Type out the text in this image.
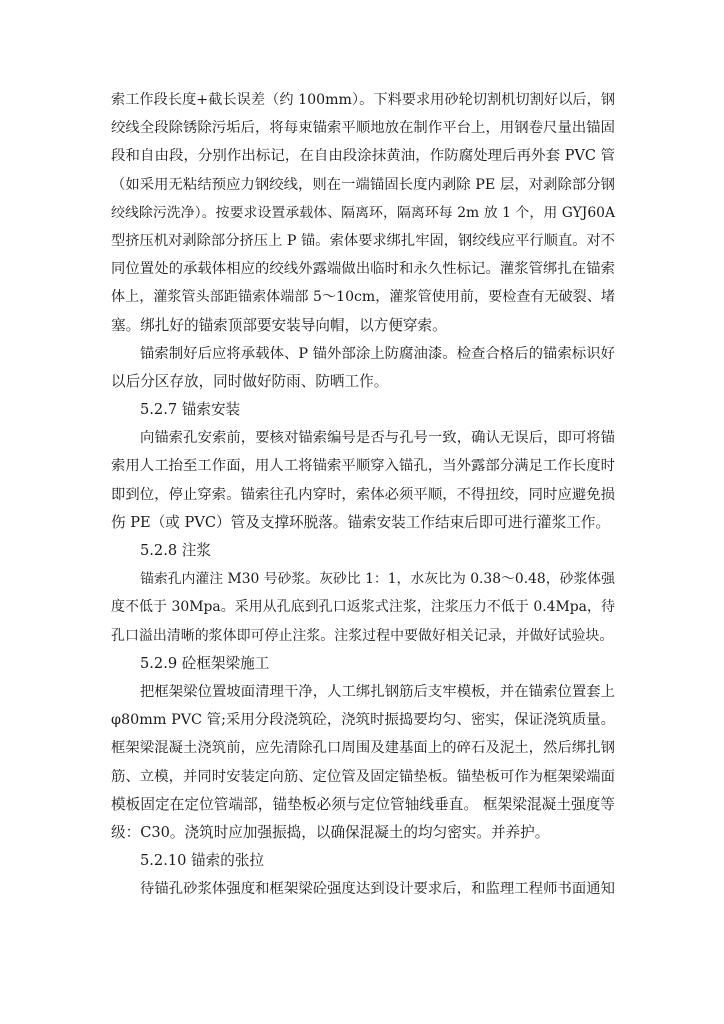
索工作段长度+截长误差（约 100mm）。下料要求用砂轮切割机切割好以后，钢
绞线全段除锈除污垢后，将每束锚索平顺地放在制作平台上，用钢卷尺量出锚固
段和自由段，分别作出标记，在自由段涂抹黄油，作防腐处理后再外套 PVC 管
（如采用无粘结预应力钢绞线，则在一端锚固长度内剥除 PE 层，对剥除部分钢
绞线除污洗净）。按要求设置承载体、隔离环，隔离环每 2m 放 1 个，用 GYJ60A
型挤压机对剥除部分挤压上 P 锚。索体要求绑扎牢固，钢绞线应平行顺直。对不
同位置处的承载体相应的绞线外露端做出临时和永久性标记。灌浆管绑扎在锚索
体上，灌浆管头部距锚索体端部 5～10cm，灌浆管使用前，要检查有无破裂、堵
塞。绑扎好的锚索顶部要安装导向帽，以方便穿索。
锚索制好后应将承载体、P 锚外部涂上防腐油漆。检查合格后的锚索标识好
以后分区存放，同时做好防雨、防晒工作。
5.2.7 锚索安装
向锚索孔安索前，要核对锚索编号是否与孔号一致，确认无误后，即可将锚
索用人工抬至工作面，用人工将锚索平顺穿入锚孔，当外露部分满足工作长度时
即到位，停止穿索。锚索往孔内穿时，索体必须平顺，不得扭绞，同时应避免损
伤 PE（或 PVC）管及支撑环脱落。锚索安装工作结束后即可进行灌浆工作。
5.2.8 注浆
锚索孔内灌注 M30 号砂浆。灰砂比 1：1，水灰比为 0.38～0.48，砂浆体强
度不低于 30Mpa。采用从孔底到孔口返浆式注浆，注浆压力不低于 0.4Mpa，待
孔口溢出清晰的浆体即可停止注浆。注浆过程中要做好相关记录，并做好试验块。
5.2.9 砼框架梁施工
把框架梁位置坡面清理干净，人工绑扎钢筋后支牢模板，并在锚索位置套上
φ80mm PVC 管;采用分段浇筑砼，浇筑时振捣要均匀、密实，保证浇筑质量。
框架梁混凝土浇筑前，应先清除孔口周围及建基面上的碎石及泥土，然后绑扎钢
筋、立模，并同时安装定向筋、定位管及固定锚垫板。锚垫板可作为框架梁端面
模板固定在定位管端部，锚垫板必须与定位管轴线垂直。 框架梁混凝土强度等
级：C30。浇筑时应加强振捣，以确保混凝土的均匀密实。并养护。
5.2.10 锚索的张拉
待锚孔砂浆体强度和框架梁砼强度达到设计要求后，和监理工程师书面通知
